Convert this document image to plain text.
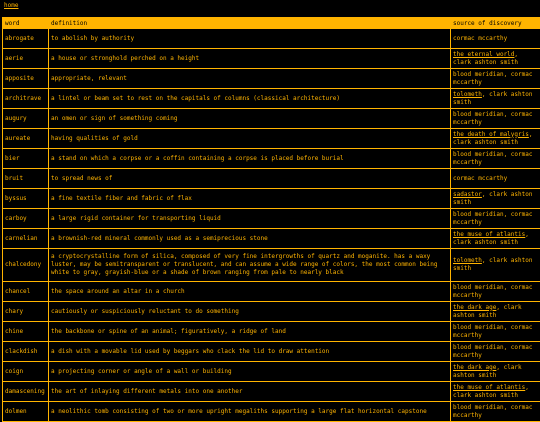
home
word	definition	source of discovery
abrogate	to abolish by authority	cormac mccarthy
aerie	a house or stronghold perched on a height	the eternal world, clark ashton smith
apposite	appropriate, relevant	blood meridian, cormac mccarthy
architrave	a lintel or beam set to rest on the capitals of columns (classical architecture)	tolometh, clark ashton smith
augury	an omen or sign of something coming	blood meridian, cormac mccarthy
aureate	having qualities of gold	the death of malygris, clark ashton smith
bier	a stand on which a corpse or a coffin containing a corpse is placed before burial	blood meridian, cormac mccarthy
bruit	to spread news of	cormac mccarthy
byssus	a fine textile fiber and fabric of flax	sadastor, clark ashton smith
carboy	a large rigid container for transporting liquid	blood meridian, cormac mccarthy
carnelian	a brownish-red mineral commonly used as a semiprecious stone	the muse of atlantis, clark ashton smith
chalcedony	a cryptocrystalline form of silica, composed of very fine intergrowths of quartz and moganite. has a waxy luster, may be semitransparent or translucent, and can assume a wide range of colors, the most common being white to gray, grayish-blue or a shade of brown ranging from pale to nearly black	tolometh, clark ashton smith
chancel	the space around an altar in a church	blood meridian, cormac mccarthy
chary	cautiously or suspiciously reluctant to do something	the dark age, clark ashton smith
chine	the backbone or spine of an animal; figuratively, a ridge of land	blood meridian, cormac mccarthy
clackdish	a dish with a movable lid used by beggars who clack the lid to draw attention	blood meridian, cormac mccarthy
coign	a projecting corner or angle of a wall or building	the dark age, clark ashton smith
damascening	the art of inlaying different metals into one another	the muse of atlantis, clark ashton smith
dolmen	a neolithic tomb consisting of two or more upright megaliths supporting a large flat horizontal capstone	blood meridian, cormac mccarthy
